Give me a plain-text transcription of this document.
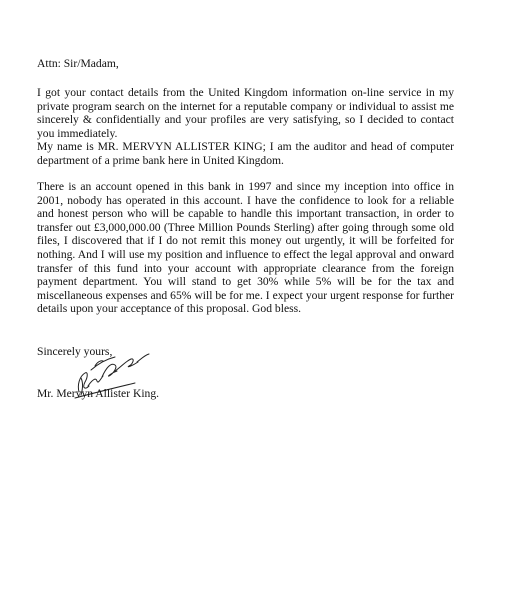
Attn: Sir/Madam,

I got your contact details from the United Kingdom information on-line service in my private program search on the internet for a reputable company or individual to assist me sincerely & confidentially and your profiles are very satisfying, so I decided to contact you immediately.

My name is MR. MERVYN ALLISTER KING; I am the auditor and head of computer department of a prime bank here in United Kingdom.

There is an account opened in this bank in 1997 and since my inception into office in 2001, nobody has operated in this account. I have the confidence to look for a reliable and honest person who will be capable to handle this important transaction, in order to transfer out £3,000,000.00 (Three Million Pounds Sterling) after going through some old files, I discovered that if I do not remit this money out urgently, it will be forfeited for nothing. And I will use my position and influence to effect the legal approval and onward transfer of this fund into your account with appropriate clearance from the foreign payment department. You will stand to get 30% while 5% will be for the tax and miscellaneous expenses and 65% will be for me. I expect your urgent response for further details upon your acceptance of this proposal. God bless.

Sincerely yours,

Mr. Mervyn Allister King.
